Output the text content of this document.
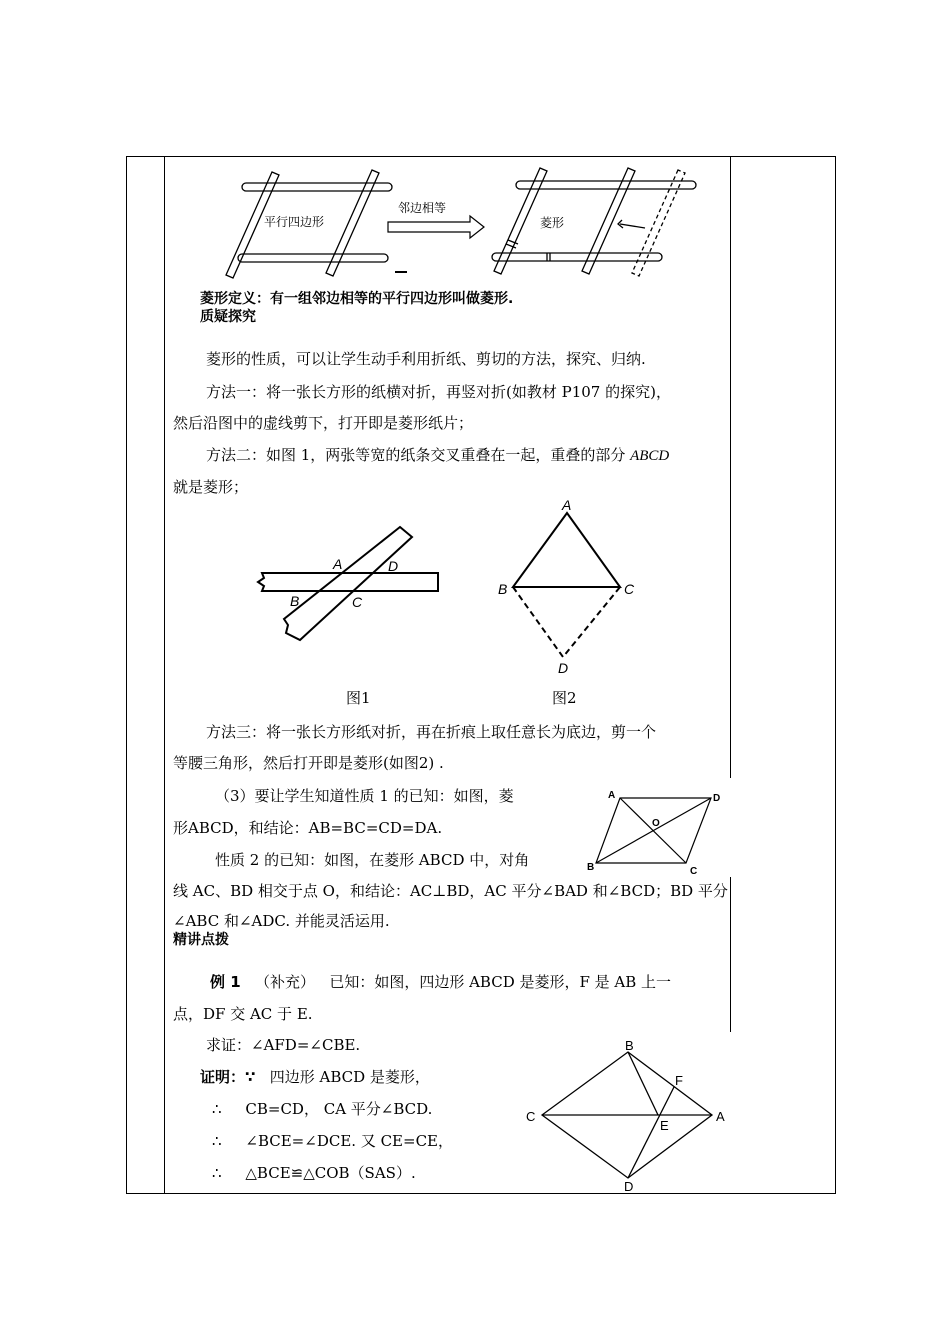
平行四边形
邻边相等
菱形
菱形定义：有一组邻边相等的平行四边形叫做菱形.
质疑探究
菱形的性质，可以让学生动手利用折纸、剪切的方法，探究、归纳.
方法一：将一张长方形的纸横对折，再竖对折(如教材 P107 的探究)，
然后沿图中的虚线剪下，打开即是菱形纸片；
方法二：如图 1，两张等宽的纸条交叉重叠在一起，重叠的部分 ABCD
就是菱形；
A	D
B	C
A
B	C
D
图1	图2
方法三：将一张长方形纸对折，再在折痕上取任意长为底边，剪一个
等腰三角形，然后打开即是菱形(如图2) .
（3）要让学生知道性质 1 的已知：如图，菱
形ABCD，和结论：AB=BC=CD=DA.
A	D
O
B	C
性质 2 的已知：如图，在菱形 ABCD 中，对角
线 AC、BD 相交于点 O，和结论：AC⊥BD，AC 平分∠BAD 和∠BCD；BD 平分
∠ABC 和∠ADC. 并能灵活运用.
精讲点拨
例 1 （补充） 已知：如图，四边形 ABCD 是菱形，F 是 AB 上一
点，DF 交 AC 于 E.
求证：∠AFD=∠CBE.
证明：∵ 四边形 ABCD 是菱形，
∴ CB=CD， CA 平分∠BCD.
∴ ∠BCE=∠DCE. 又 CE=CE，
∴ △BCE≌△COB（SAS）.
B
F
C	A
E
D
